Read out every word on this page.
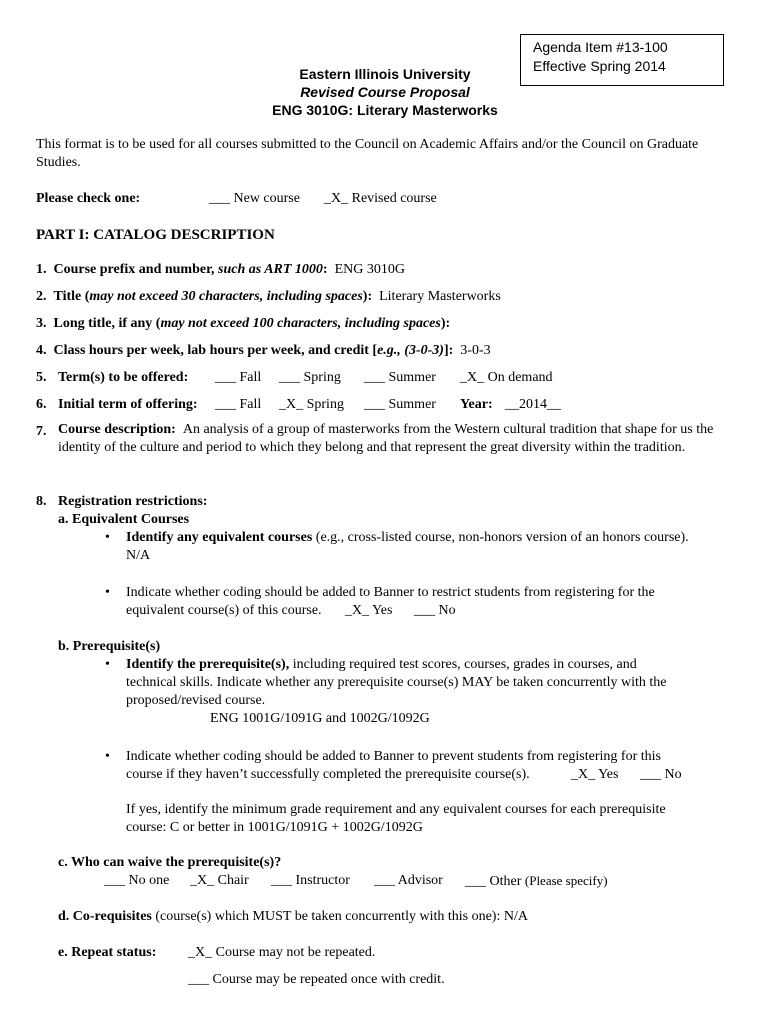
Agenda Item #13-100
Effective Spring 2014
Eastern Illinois University
Revised Course Proposal
ENG 3010G: Literary Masterworks
This format is to be used for all courses submitted to the Council on Academic Affairs and/or the Council on Graduate Studies.
Please check one:	___ New course _X_ Revised course
PART I: CATALOG DESCRIPTION
1. Course prefix and number, such as ART 1000: ENG 3010G
2. Title (may not exceed 30 characters, including spaces): Literary Masterworks
3. Long title, if any (may not exceed 100 characters, including spaces):
4. Class hours per week, lab hours per week, and credit [e.g., (3-0-3)]: 3-0-3
5. Term(s) to be offered: ___ Fall ___ Spring ___ Summer _X_ On demand
6. Initial term of offering: ___ Fall _X_ Spring ___ Summer Year: __2014__
7. Course description: An analysis of a group of masterworks from the Western cultural tradition that shape for us the identity of the culture and period to which they belong and that represent the great diversity within the tradition.
8. Registration restrictions:
a. Equivalent Courses
• Identify any equivalent courses (e.g., cross-listed course, non-honors version of an honors course).
N/A
• Indicate whether coding should be added to Banner to restrict students from registering for the
equivalent course(s) of this course. _X_ Yes ___ No
b. Prerequisite(s)
• Identify the prerequisite(s), including required test scores, courses, grades in courses, and
technical skills. Indicate whether any prerequisite course(s) MAY be taken concurrently with the
proposed/revised course.
ENG 1001G/1091G and 1002G/1092G
• Indicate whether coding should be added to Banner to prevent students from registering for this
course if they haven’t successfully completed the prerequisite course(s).	_X_ Yes ___ No
If yes, identify the minimum grade requirement and any equivalent courses for each prerequisite
course: C or better in 1001G/1091G + 1002G/1092G
c. Who can waive the prerequisite(s)?
___ No one _X_ Chair ___ Instructor ___ Advisor ___ Other (Please specify)
d. Co-requisites (course(s) which MUST be taken concurrently with this one): N/A
e. Repeat status: _X_ Course may not be repeated.
___ Course may be repeated once with credit.
